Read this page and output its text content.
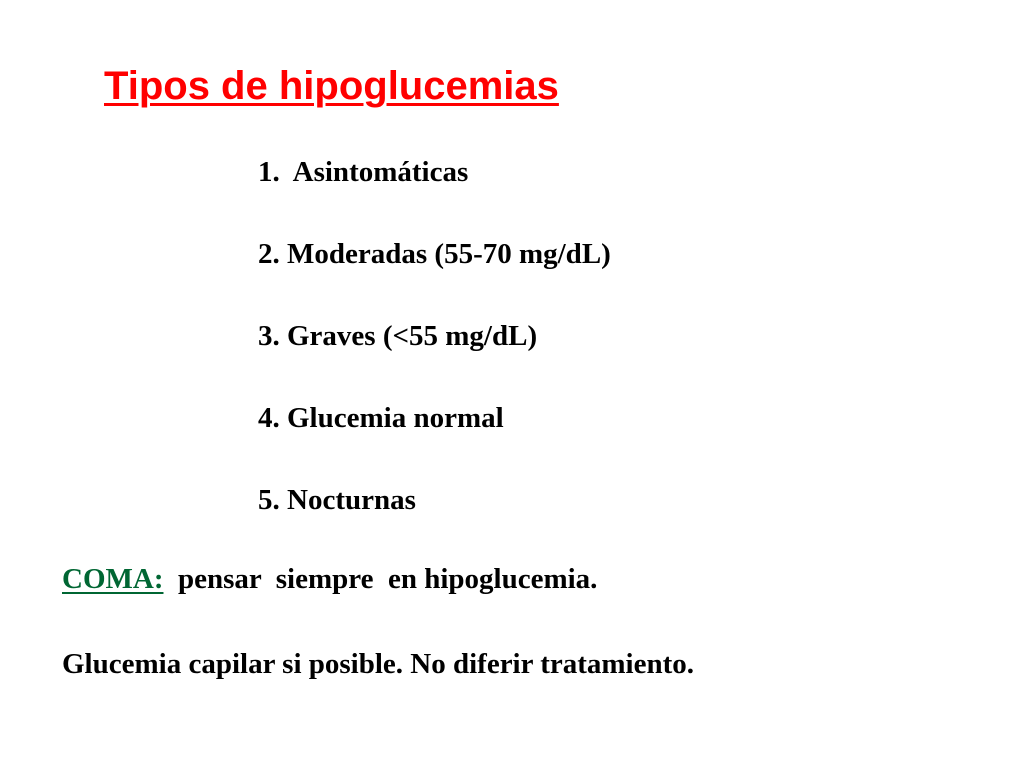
Tipos de hipoglucemias
1.  Asintomáticas
2. Moderadas (55-70 mg/dL)
3. Graves (<55 mg/dL)
4. Glucemia normal
5. Nocturnas
COMA:  pensar  siempre  en hipoglucemia.
Glucemia capilar si posible. No diferir tratamiento.
